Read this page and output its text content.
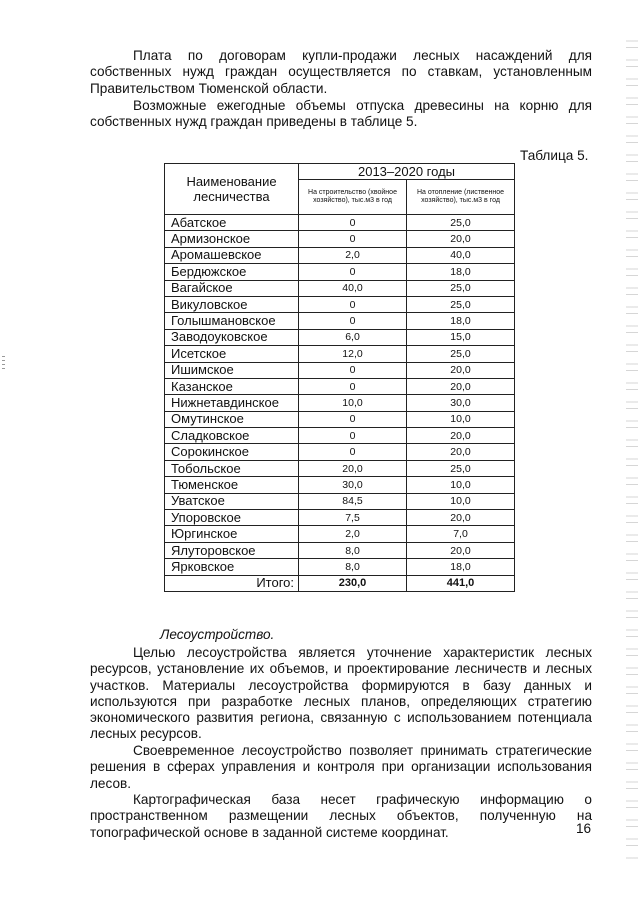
Плата по договорам купли-продажи лесных насаждений для собственных нужд граждан осуществляется по ставкам, установленным Правительством Тюменской области.

Возможные ежегодные объемы отпуска древесины на корню для собственных нужд граждан приведены в таблице 5.

Таблица 5.
Наименование лесничества	2013–2020 годы	
	На строительство (хвойное хозяйство), тыс.м3 в год	На отопление (лиственное хозяйство), тыс.м3 в год
Абатское	0	25,0
Армизонское	0	20,0
Аромашевское	2,0	40,0
Бердюжское	0	18,0
Вагайское	40,0	25,0
Викуловское	0	25,0
Голышмановское	0	18,0
Заводоуковское	6,0	15,0
Исетское	12,0	25,0
Ишимское	0	20,0
Казанское	0	20,0
Нижнетавдинское	10,0	30,0
Омутинское	0	10,0
Сладковское	0	20,0
Сорокинское	0	20,0
Тобольское	20,0	25,0
Тюменское	30,0	10,0
Уватское	84,5	10,0
Упоровское	7,5	20,0
Юргинское	2,0	7,0
Ялуторовское	8,0	20,0
Ярковское	8,0	18,0
Итого:	230,0	441,0

Лесоустройство.

Целью лесоустройства является уточнение характеристик лесных ресурсов, установление их объемов, и проектирование лесничеств и лесных участков. Материалы лесоустройства формируются в базу данных и используются при разработке лесных планов, определяющих стратегию экономического развития региона, связанную с использованием потенциала лесных ресурсов.

Своевременное лесоустройство позволяет принимать стратегические решения в сферах управления и контроля при организации использования лесов.

Картографическая база несет графическую информацию о пространственном размещении лесных объектов, полученную на топографической основе в заданной системе координат.	16
